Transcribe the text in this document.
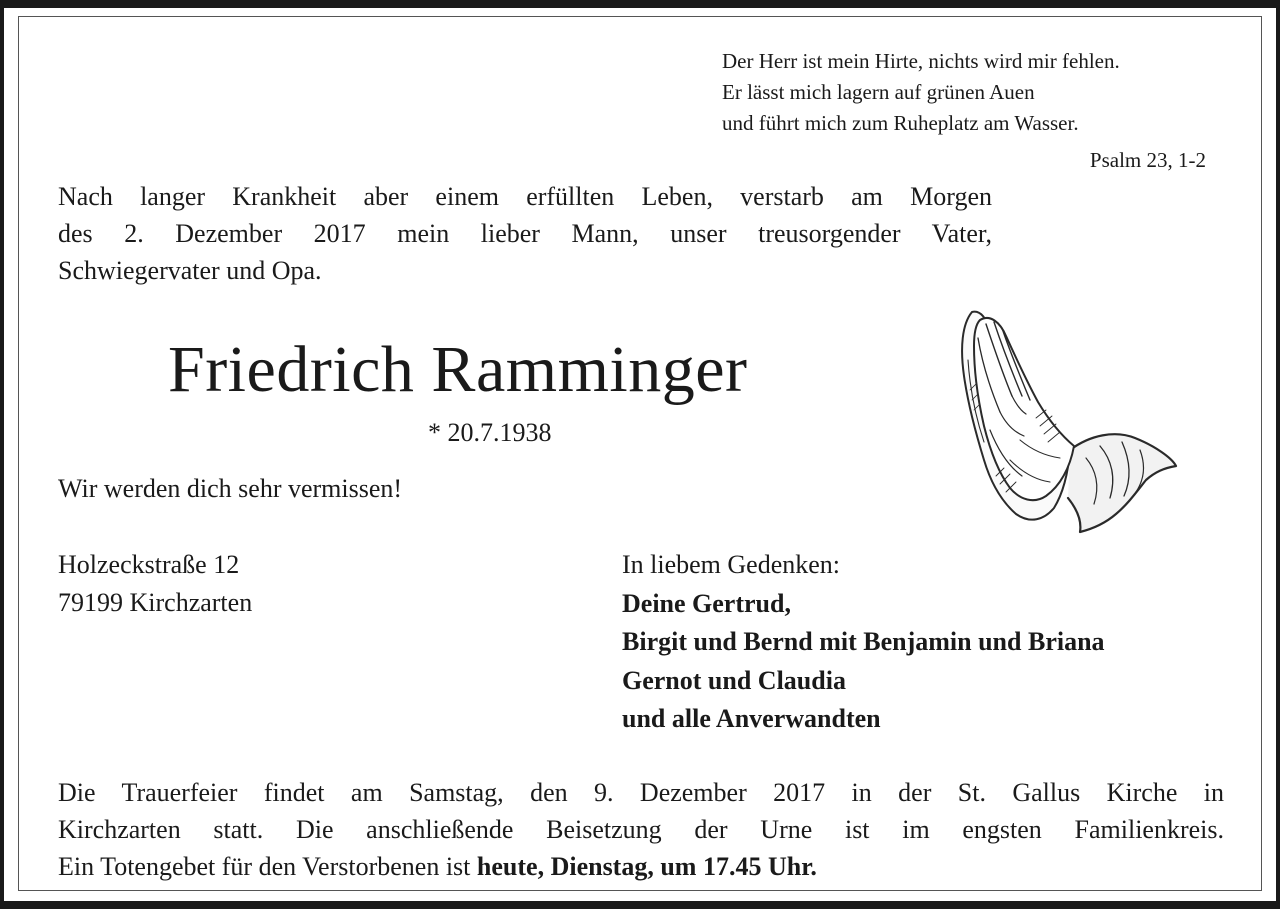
Der Herr ist mein Hirte, nichts wird mir fehlen.
Er lässt mich lagern auf grünen Auen
und führt mich zum Ruheplatz am Wasser.
Psalm 23, 1-2
Nach langer Krankheit aber einem erfüllten Leben, verstarb am Morgen
des 2. Dezember 2017 mein lieber Mann, unser treusorgender Vater,
Schwiegervater und Opa.
Friedrich Ramminger
* 20.7.1938
Wir werden dich sehr vermissen!
Holzeckstraße 12
79199 Kirchzarten
In liebem Gedenken:
Deine Gertrud,
Birgit und Bernd mit Benjamin und Briana
Gernot und Claudia
und alle Anverwandten
Die Trauerfeier findet am Samstag, den 9. Dezember 2017 in der St. Gallus Kirche in
Kirchzarten statt. Die anschließende Beisetzung der Urne ist im engsten Familienkreis.
Ein Totengebet für den Verstorbenen ist heute, Dienstag, um 17.45 Uhr.
